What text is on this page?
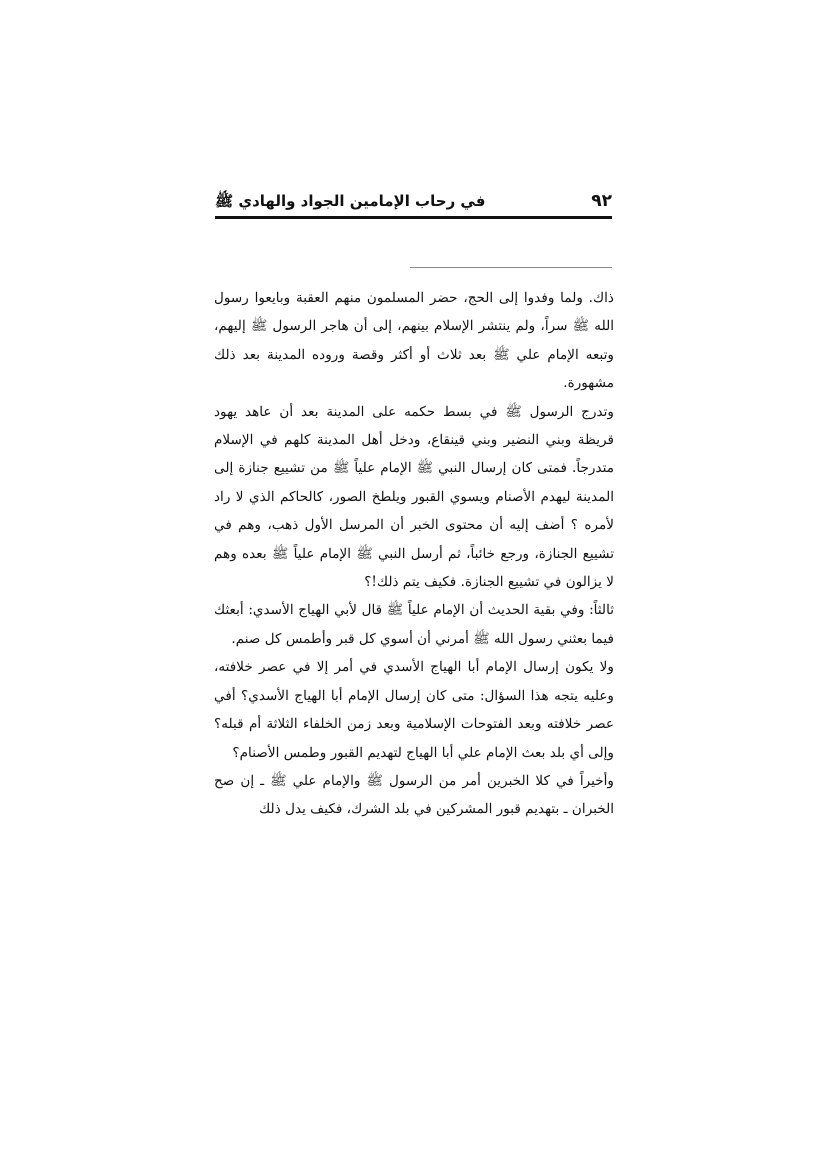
٩٢
في رحاب الإمامين الجواد والهادي ﷺ

ذاك. ولما وفدوا إلى الحج، حضر المسلمون منهم العقبة وبايعوا رسول الله ﷺ سراً، ولم ينتشر الإسلام بينهم، إلى أن هاجر الرسول ﷺ إليهم، وتبعه الإمام علي ﷺ بعد ثلاث أو أكثر وقصة وروده المدينة بعد ذلك مشهورة.

وتدرج الرسول ﷺ في بسط حكمه على المدينة بعد أن عاهد يهود قريظة وبني النضير وبني قينقاع، ودخل أهل المدينة كلهم في الإسلام متدرجاً. فمتى كان إرسال النبي ﷺ الإمام علياً ﷺ من تشييع جنازة إلى المدينة ليهدم الأصنام ويسوي القبور ويلطخ الصور، كالحاكم الذي لا راد لأمره ؟ أضف إليه أن محتوى الخبر أن المرسل الأول ذهب، وهم في تشييع الجنازة، ورجع خائباً، ثم أرسل النبي ﷺ الإمام علياً ﷺ بعده وهم لا يزالون في تشييع الجنازة. فكيف يتم ذلك!؟

ثالثاً: وفي بقية الحديث أن الإمام علياً ﷺ قال لأبي الهياج الأسدي: أبعثك فيما بعثني رسول الله ﷺ أمرني أن أسوي كل قبر وأطمس كل صنم.

ولا يكون إرسال الإمام أبا الهياج الأسدي في أمر إلا في عصر خلافته، وعليه يتجه هذا السؤال: متى كان إرسال الإمام أبا الهياج الأسدي؟ أفي عصر خلافته وبعد الفتوحات الإسلامية وبعد زمن الخلفاء الثلاثة أم قبله؟ وإلى أي بلد بعث الإمام علي أبا الهياج لتهديم القبور وطمس الأصنام؟

وأخيراً في كلا الخبرين أمر من الرسول ﷺ والإمام علي ﷺ ـ إن صح الخبران ـ بتهديم قبور المشركين في بلد الشرك، فكيف يدل ذلك
